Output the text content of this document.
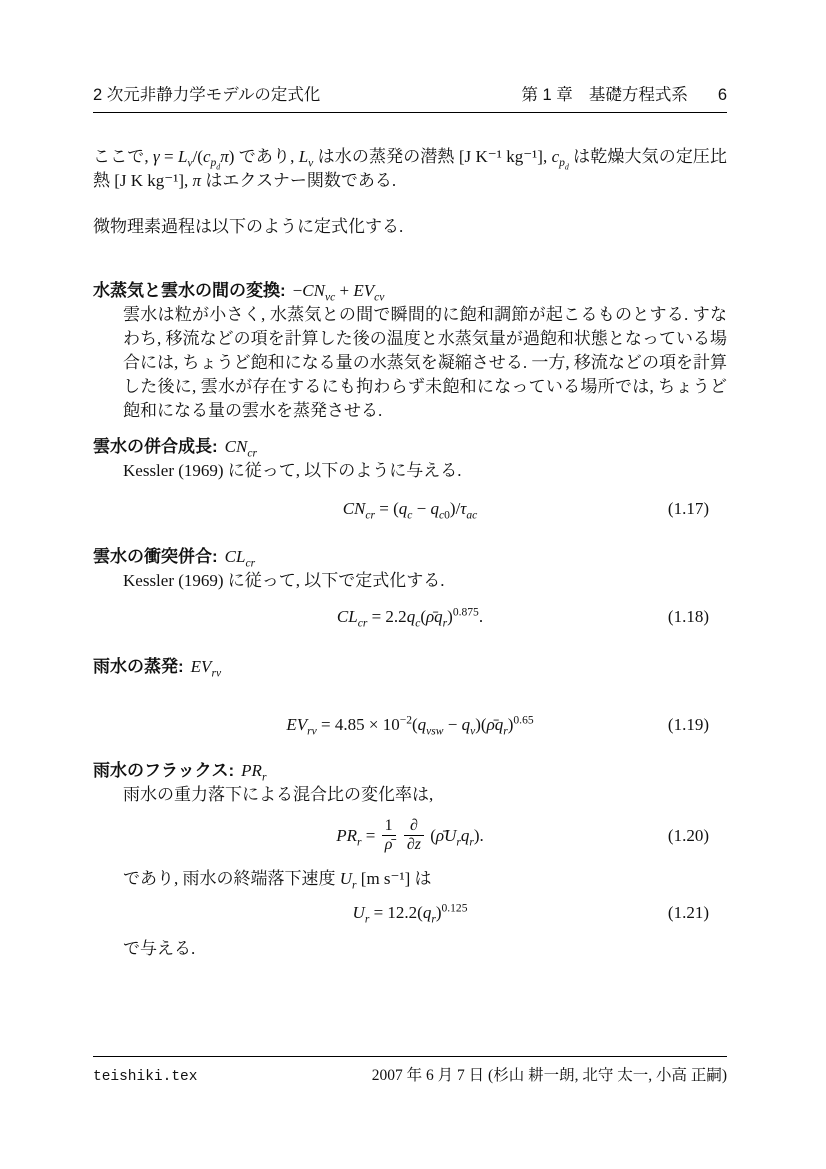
2 次元非静力学モデルの定式化	第 1 章 基礎方程式系 6

ここで, $\gamma = L_v/(c_{p_d}\pi)$ であり, $L_v$ は水の蒸発の潜熱 [J K⁻¹ kg⁻¹], $c_{p_d}$ は乾燥大気の定圧比熱 [J K kg⁻¹], π はエクスナー関数である.

微物理素過程は以下のように定式化する.

水蒸気と雲水の間の変換: $-CN_{vc} + EV_{cv}$

雲水は粒が小さく, 水蒸気との間で瞬間的に飽和調節が起こるものとする. すなわち, 移流などの項を計算した後の温度と水蒸気量が過飽和状態となっている場合には, ちょうど飽和になる量の水蒸気を凝縮させる. 一方, 移流などの項を計算した後に, 雲水が存在するにも拘わらず未飽和になっている場所では, ちょうど飽和になる量の雲水を蒸発させる.

雲水の併合成長: $CN_{cr}$

Kessler (1969) に従って, 以下のように与える.

$CN_{cr} = (q_c - q_{c0})/\tau_{ac}$	(1.17)
雲水の衝突併合: $CL_{cr}$

Kessler (1969) に従って, 以下で定式化する.

$CL_{cr}$ = $2.2q_c(\rhōq_r)^{0.875}$.	(1.18)
雨水の蒸発: $EV_{rv}$
$EV_{rv} = 4.85 \times 10^{-2}(q_{vsw}$ − $q_v)(\rhōq_r)^{0.65}$	(1.19)
雨水のフラックス: $PR_r$

雨水の重力落下による混合比の変化率は,

$PR_r = \frac{1}{\rhō}$
$\frac{\partial}{\partial z}$ $(\rhōU_rq_r)$.	(1.20)

であり, 雨水の終端落下速度 $U_r$ [m s⁻¹] は

$U_r = 12.2(q_r)^{0.125}$	(1.21)

で与える.

teishiki.tex	2007 年 6 月 7 日 (杉山 耕一朗, 北守 太一, 小高 正嗣)
